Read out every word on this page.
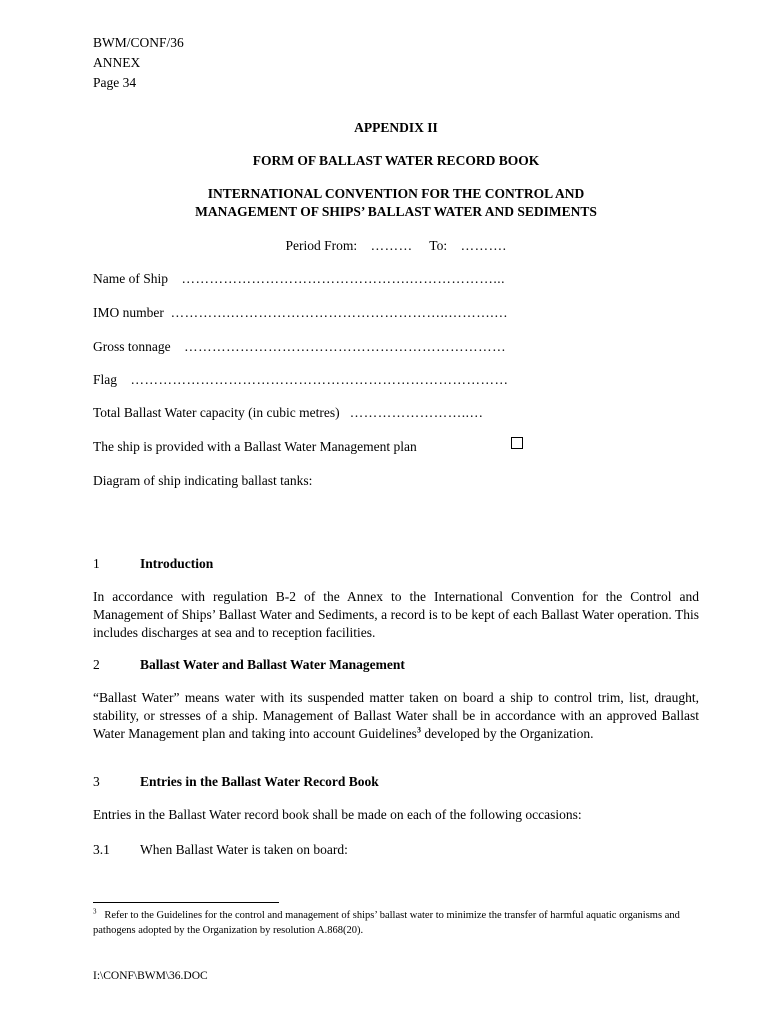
BWM/CONF/36
ANNEX
Page 34
APPENDIX II
FORM OF BALLAST WATER RECORD BOOK
INTERNATIONAL CONVENTION FOR THE CONTROL AND
MANAGEMENT OF SHIPS’ BALLAST WATER AND SEDIMENTS
Period From: ……… To: ……….
Name of Ship ………………………………………….………………...
IMO number ………….………………………………………..……….…
Gross tonnage ……………………………………………………………
Flag ………………………………………………………………………
Total Ballast Water capacity (in cubic metres) ……………………..…
The ship is provided with a Ballast Water Management plan
Diagram of ship indicating ballast tanks:
1	Introduction
In accordance with regulation B-2 of the Annex to the International Convention for the Control and Management of Ships’ Ballast Water and Sediments, a record is to be kept of each Ballast Water operation. This includes discharges at sea and to reception facilities.
2	Ballast Water and Ballast Water Management
“Ballast Water” means water with its suspended matter taken on board a ship to control trim, list, draught, stability, or stresses of a ship. Management of Ballast Water shall be in accordance with an approved Ballast Water Management plan and taking into account Guidelines$^3$ developed by the Organization.
3	Entries in the Ballast Water Record Book
Entries in the Ballast Water record book shall be made on each of the following occasions:
3.1 When Ballast Water is taken on board:
$^3$ Refer to the Guidelines for the control and management of ships’ ballast water to minimize the transfer of harmful aquatic organisms and pathogens adopted by the Organization by resolution A.868(20).
I:\CONF\BWM\36.DOC
